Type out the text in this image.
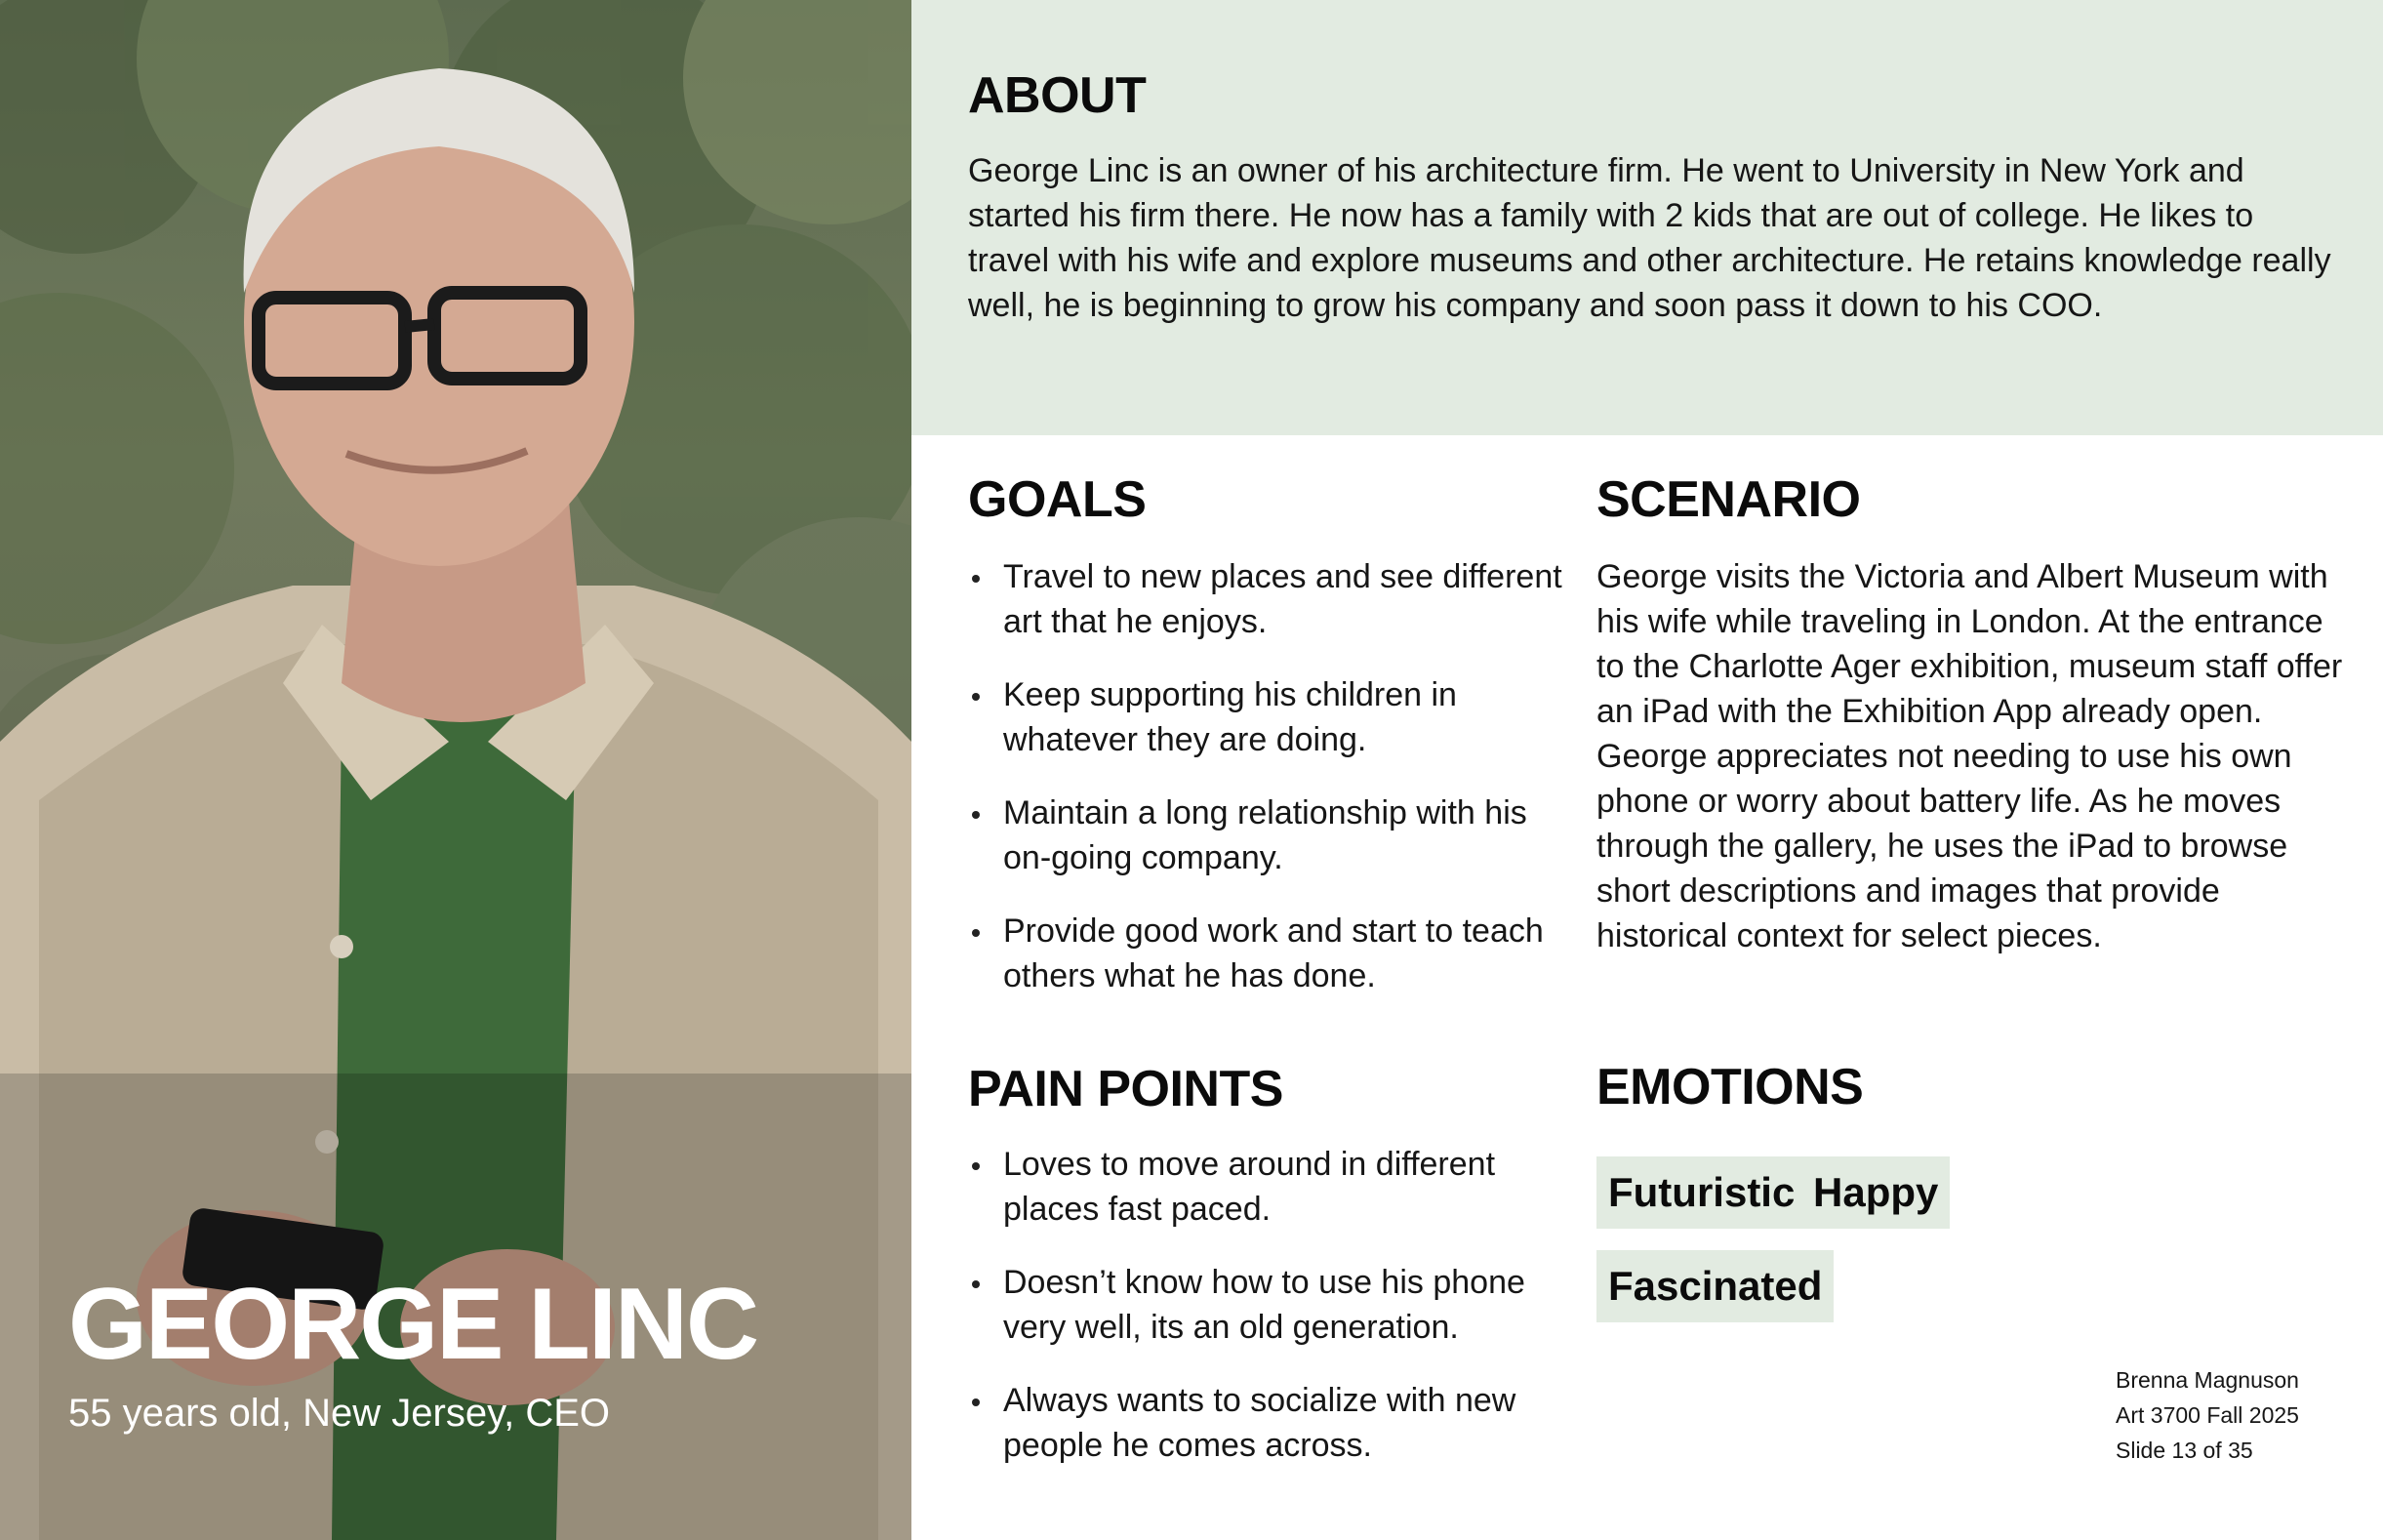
GEORGE LINC
55 years old, New Jersey, CEO
ABOUT
George Linc is an owner of his architecture firm. He went to University in New York and started his firm there. He now has a family with 2 kids that are out of college. He likes to travel with his wife and explore museums and other architecture. He retains knowledge really well, he is beginning to grow his company and soon pass it down to his COO.
GOALS
Travel to new places and see different art that he enjoys.
Keep supporting his children in whatever they are doing.
Maintain a long relationship with his on-going company.
Provide good work and start to teach others what he has done.
SCENARIO
George visits the Victoria and Albert Museum with his wife while traveling in London. At the entrance to the Charlotte Ager exhibition, museum staff offer an iPad with the Exhibition App already open. George appreciates not needing to use his own phone or worry about battery life. As he moves through the gallery, he uses the iPad to browse short descriptions and images that provide historical context for select pieces.
PAIN POINTS
Loves to move around in different places fast paced.
Doesn’t know how to use his phone very well, its an old generation.
Always wants to socialize with new people he comes across.
EMOTIONS
Futuristic Happy
Fascinated
Brenna Magnuson
Art 3700 Fall 2025
Slide 13 of 35
